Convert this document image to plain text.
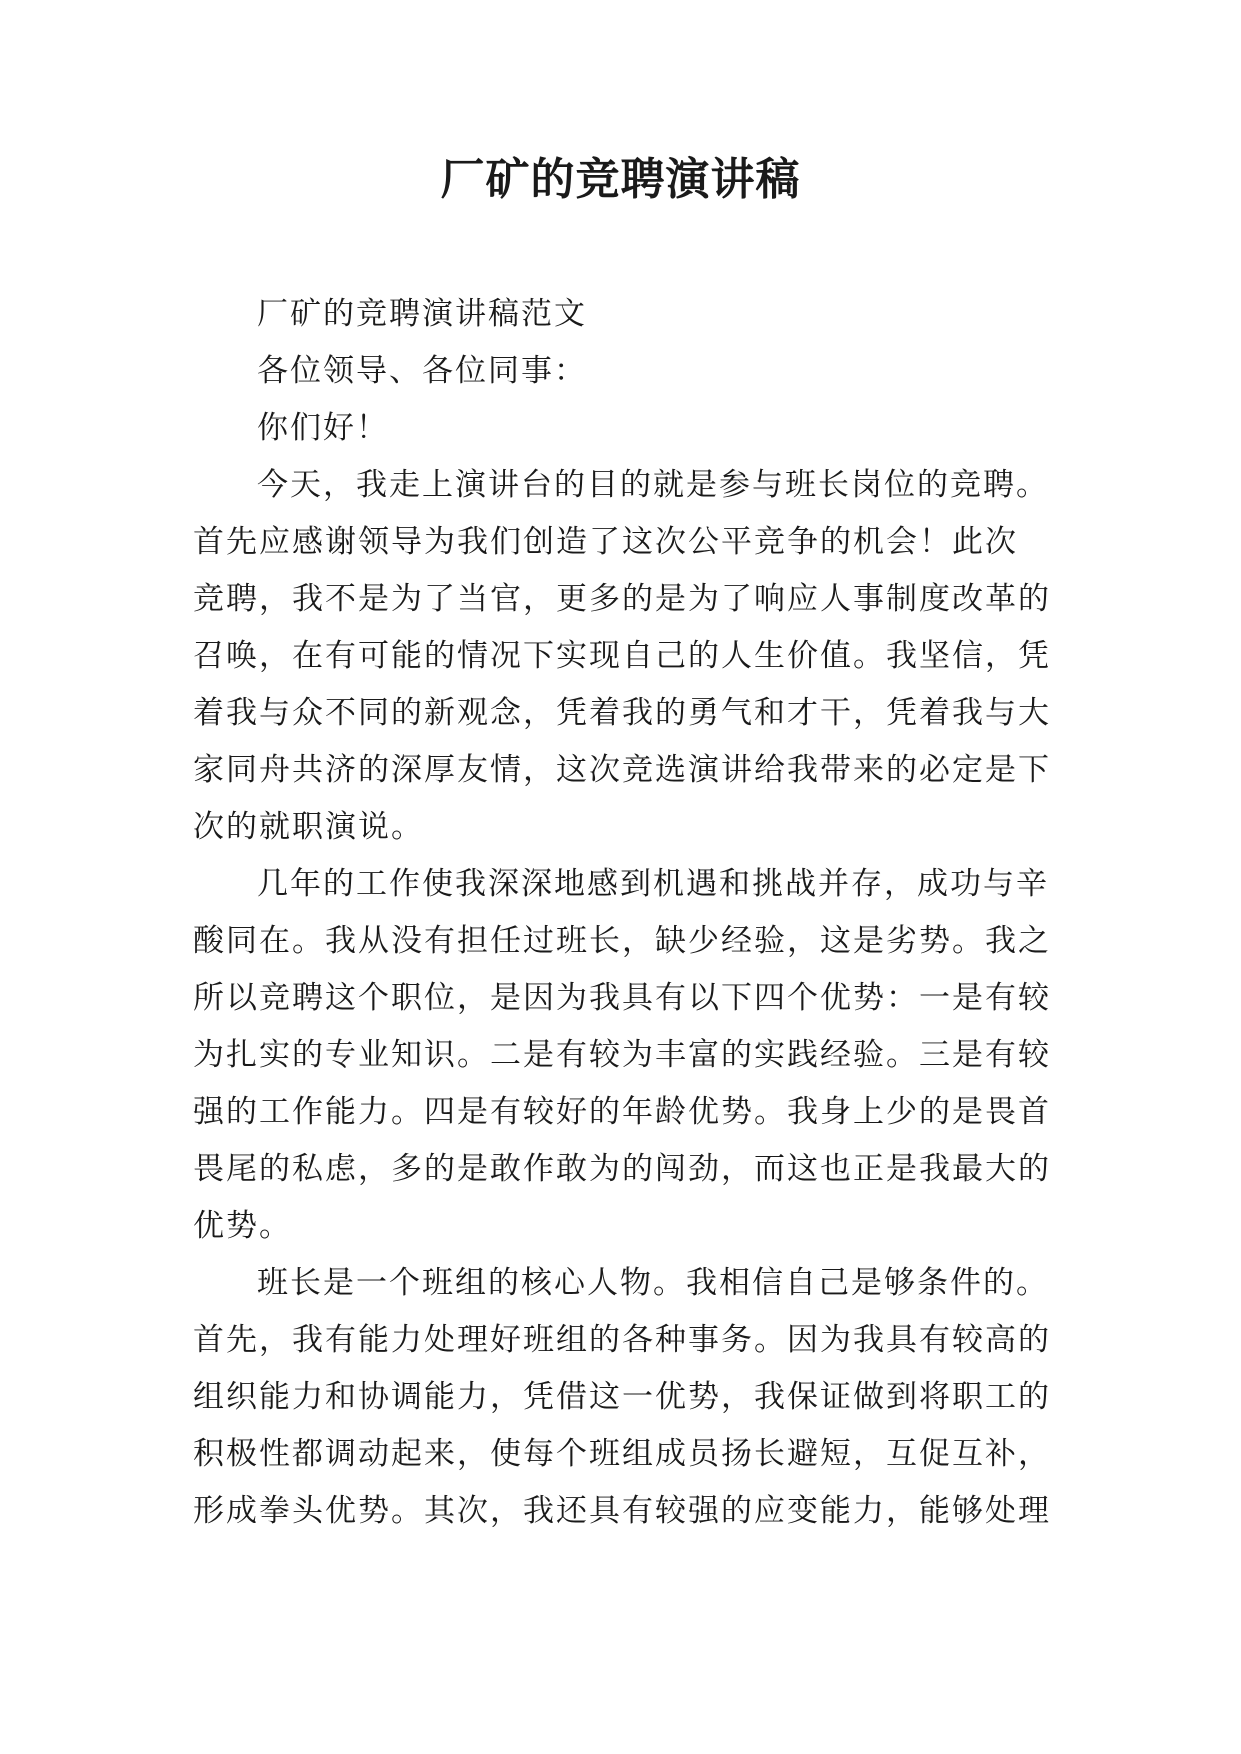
厂矿的竞聘演讲稿
厂矿的竞聘演讲稿范文
各位领导、各位同事：
你们好！
今天，我走上演讲台的目的就是参与班长岗位的竞聘。
首先应感谢领导为我们创造了这次公平竞争的机会！此次
竞聘，我不是为了当官，更多的是为了响应人事制度改革的
召唤，在有可能的情况下实现自己的人生价值。我坚信，凭
着我与众不同的新观念，凭着我的勇气和才干，凭着我与大
家同舟共济的深厚友情，这次竞选演讲给我带来的必定是下
次的就职演说。
几年的工作使我深深地感到机遇和挑战并存，成功与辛
酸同在。我从没有担任过班长，缺少经验，这是劣势。我之
所以竞聘这个职位，是因为我具有以下四个优势：一是有较
为扎实的专业知识。二是有较为丰富的实践经验。三是有较
强的工作能力。四是有较好的年龄优势。我身上少的是畏首
畏尾的私虑，多的是敢作敢为的闯劲，而这也正是我最大的
优势。
班长是一个班组的核心人物。我相信自己是够条件的。
首先，我有能力处理好班组的各种事务。因为我具有较高的
组织能力和协调能力，凭借这一优势，我保证做到将职工的
积极性都调动起来，使每个班组成员扬长避短，互促互补，
形成拳头优势。其次，我还具有较强的应变能力，能够处理
